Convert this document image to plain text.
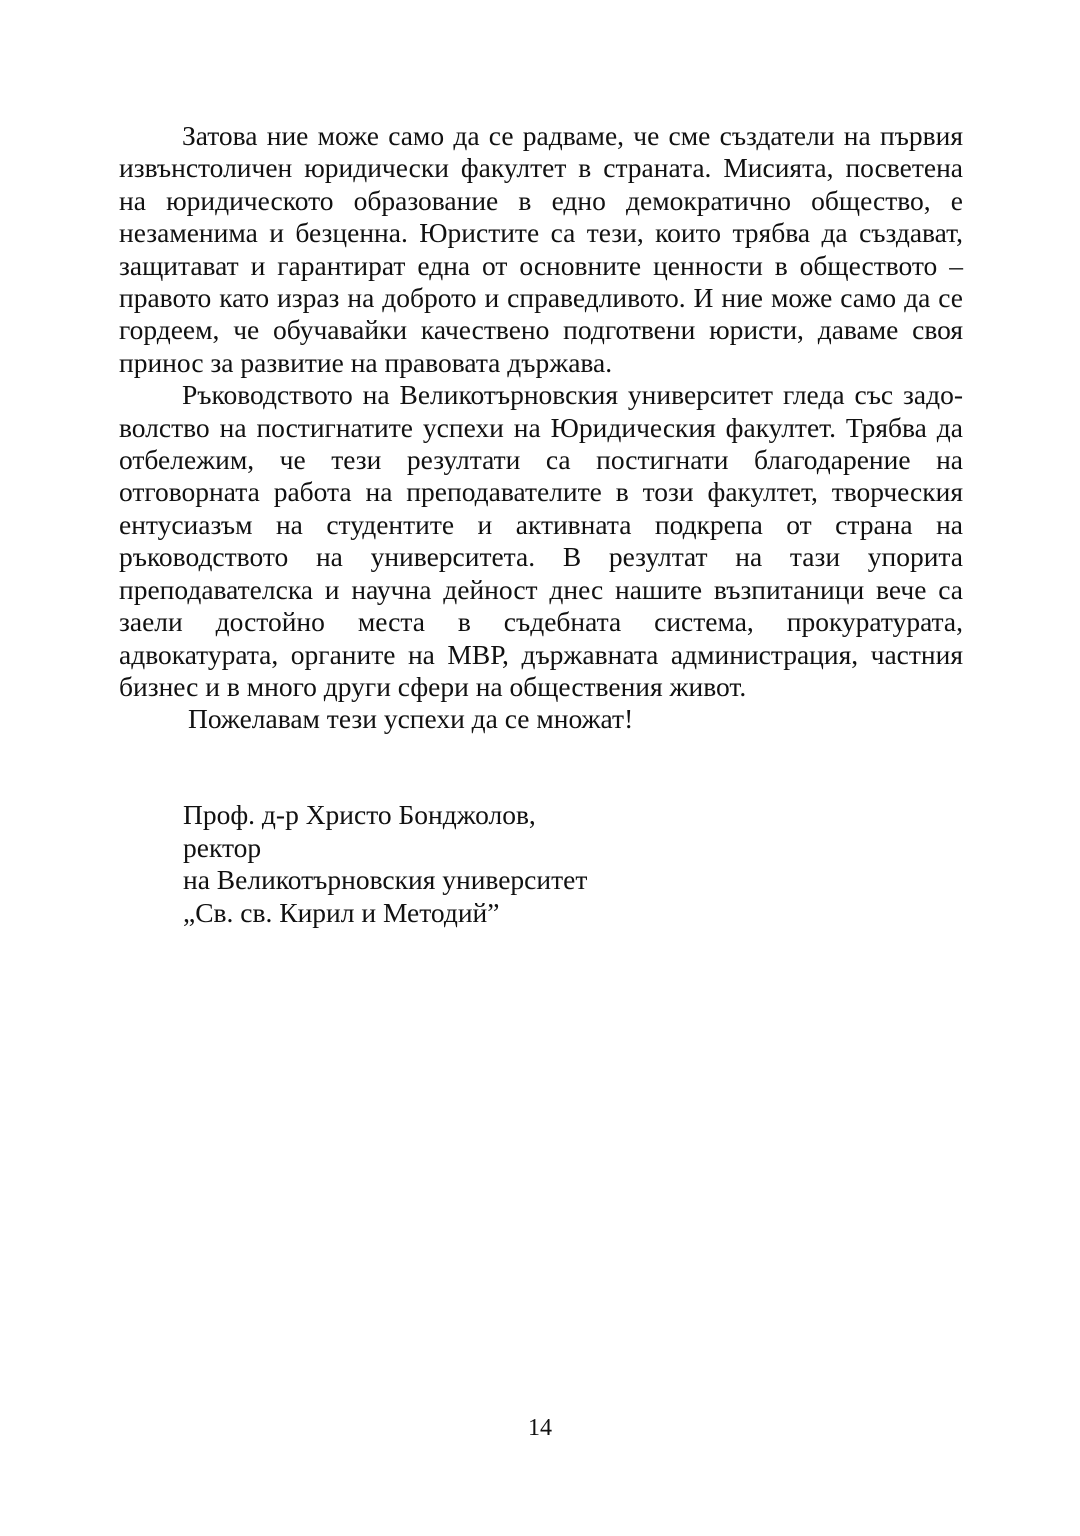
Затова ние може само да се радваме, че сме създатели на първия извънстоличен юридически факултет в страната. Мисията, посветена на юридическото образование в едно демократично общество, е незаменима и безценна. Юристите са тези, които трябва да създават, защитават и гарантират една от основните ценности в обществото – правото като израз на доброто и справедливото. И ние може само да се гордеем, че обучавайки качествено подготвени юристи, даваме своя принос за развитие на правовата държава.

Ръководството на Великотърновския университет гледа със задоволство на постигнатите успехи на Юридическия факултет. Трябва да отбележим, че тези резултати са постигнати благодарение на отговорната работа на преподавателите в този факултет, творческия ентусиазъм на студентите и активната подкрепа от страна на ръководството на университета. В резултат на тази упорита преподавателска и научна дейност днес нашите възпитаници вече са заели достойно места в съдебната система, прокуратурата, адвокатурата, органите на МВР, държавната администрация, частния бизнес и в много други сфери на обществения живот.

Пожелавам тези успехи да се множат!

Проф. д-р Христо Бонджолов,
ректор
на Великотърновския университет
„Св. св. Кирил и Методий”
14
